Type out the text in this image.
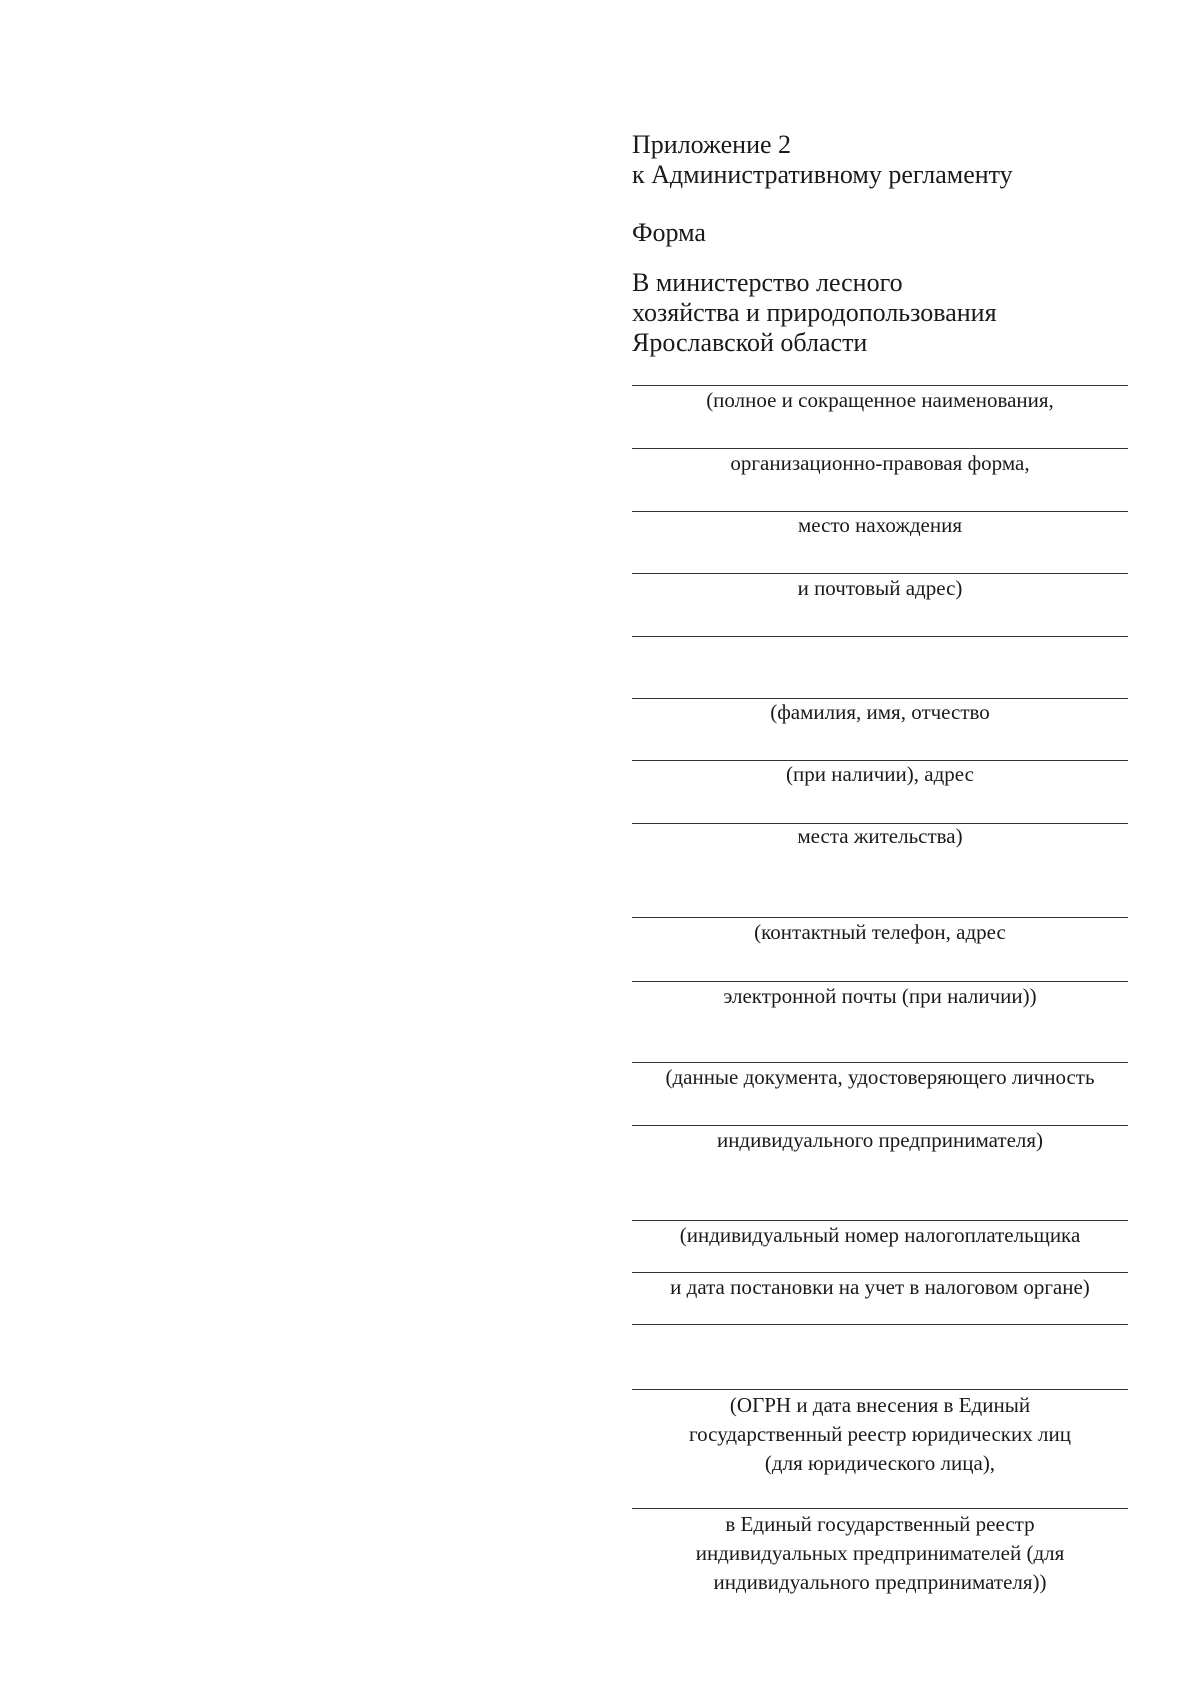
Приложение 2
к Административному регламенту
Форма
В министерство лесного
хозяйства и природопользования
Ярославской области
(полное и сокращенное наименования,
организационно-правовая форма,
место нахождения
и почтовый адрес)
(фамилия, имя, отчество
(при наличии), адрес
места жительства)
(контактный телефон, адрес
электронной почты (при наличии))
(данные документа, удостоверяющего личность
индивидуального предпринимателя)
(индивидуальный номер налогоплательщика
и дата постановки на учет в налоговом органе)
(ОГРН и дата внесения в Единый
государственный реестр юридических лиц
(для юридического лица),
в Единый государственный реестр
индивидуальных предпринимателей (для
индивидуального предпринимателя))
